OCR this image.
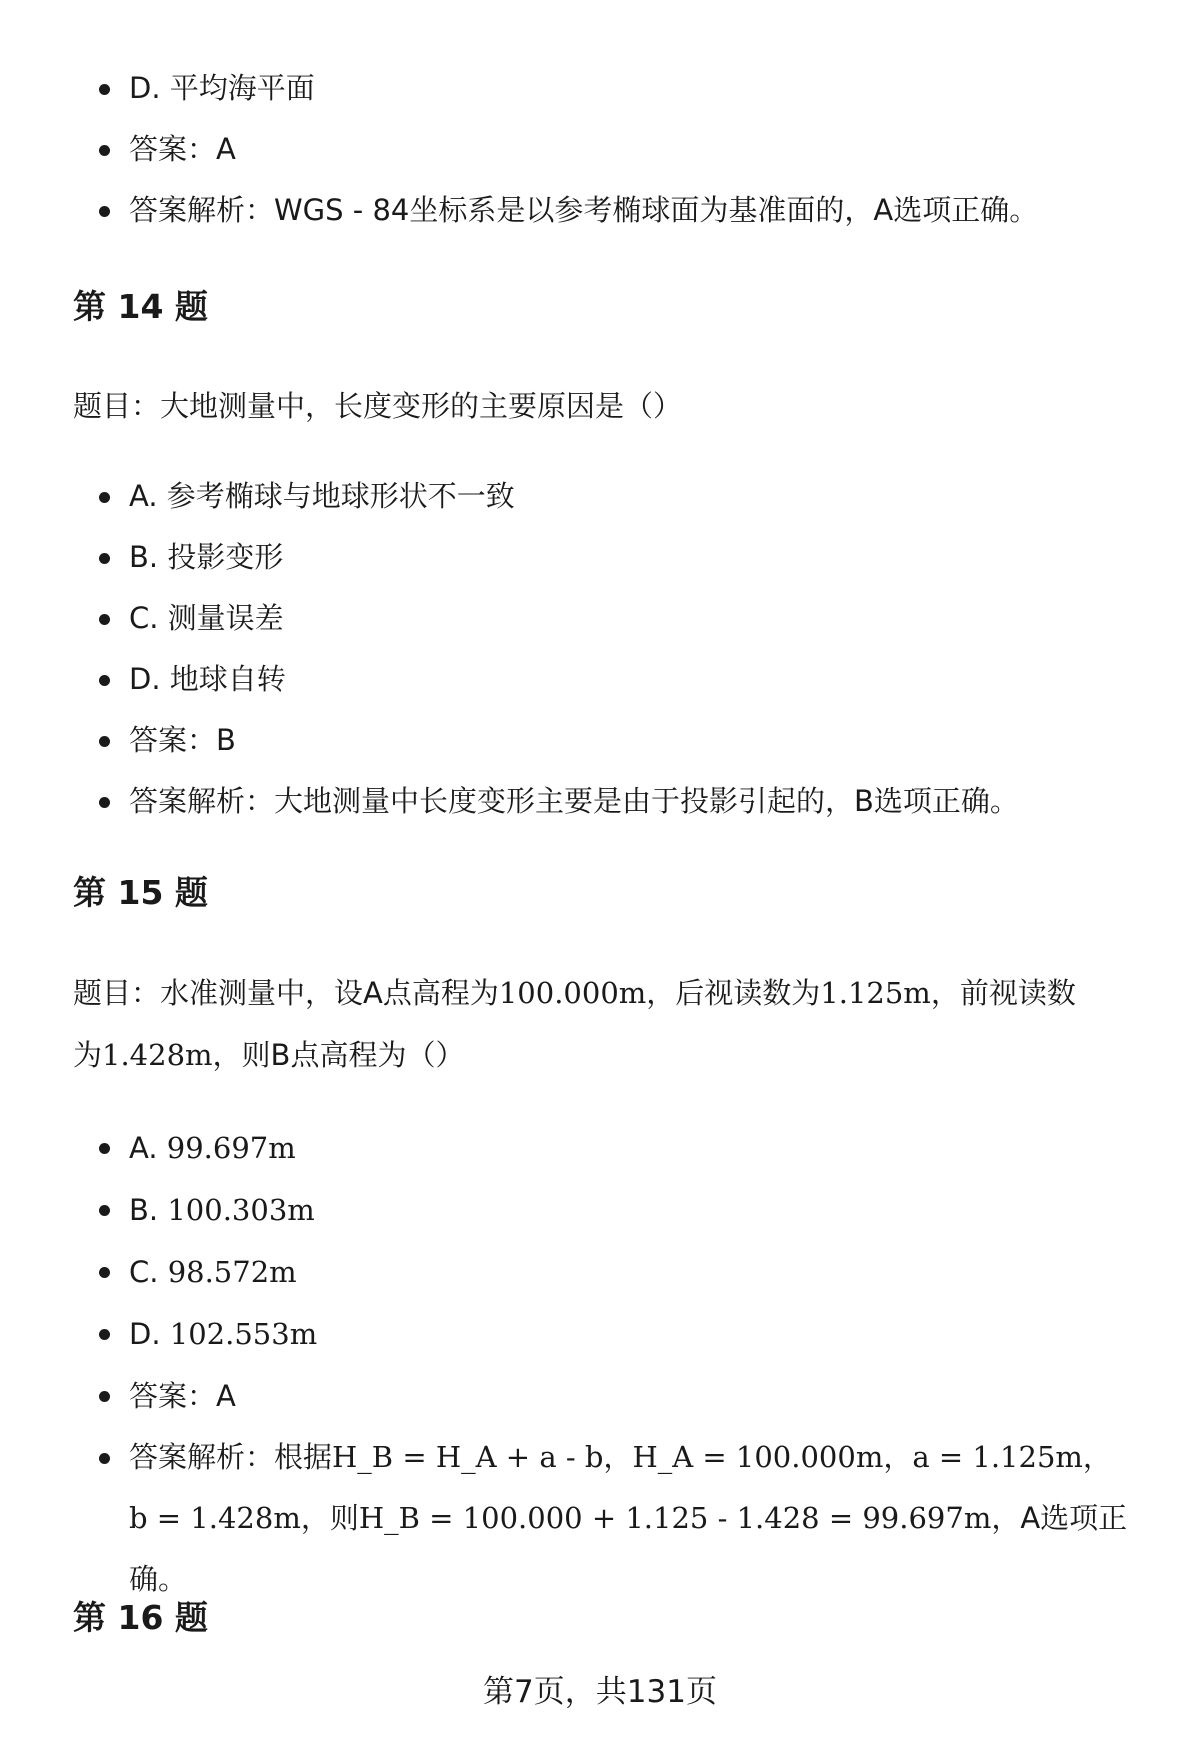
D. 平均海平面
答案：A
答案解析：WGS - 84坐标系是以参考椭球面为基准面的，A选项正确。
第 14 题

题目：大地测量中，长度变形的主要原因是（）

A. 参考椭球与地球形状不一致
B. 投影变形
C. 测量误差
D. 地球自转
答案：B
答案解析：大地测量中长度变形主要是由于投影引起的，B选项正确。
第 15 题
题目：水准测量中，设A点高程为100.000m，后视读数为1.125m，前视读数
为1.428m，则B点高程为（）
A. 99.697m
B. 100.303m
C. 98.572m
D. 102.553m
答案：A
答案解析：根据H_B = H_A + a - b，H_A = 100.000m，a = 1.125m，b = 1.428m，则H_B = 100.000 + 1.125 - 1.428 = 99.697m，A选项正确。
第 16 题
第7页，共131页
